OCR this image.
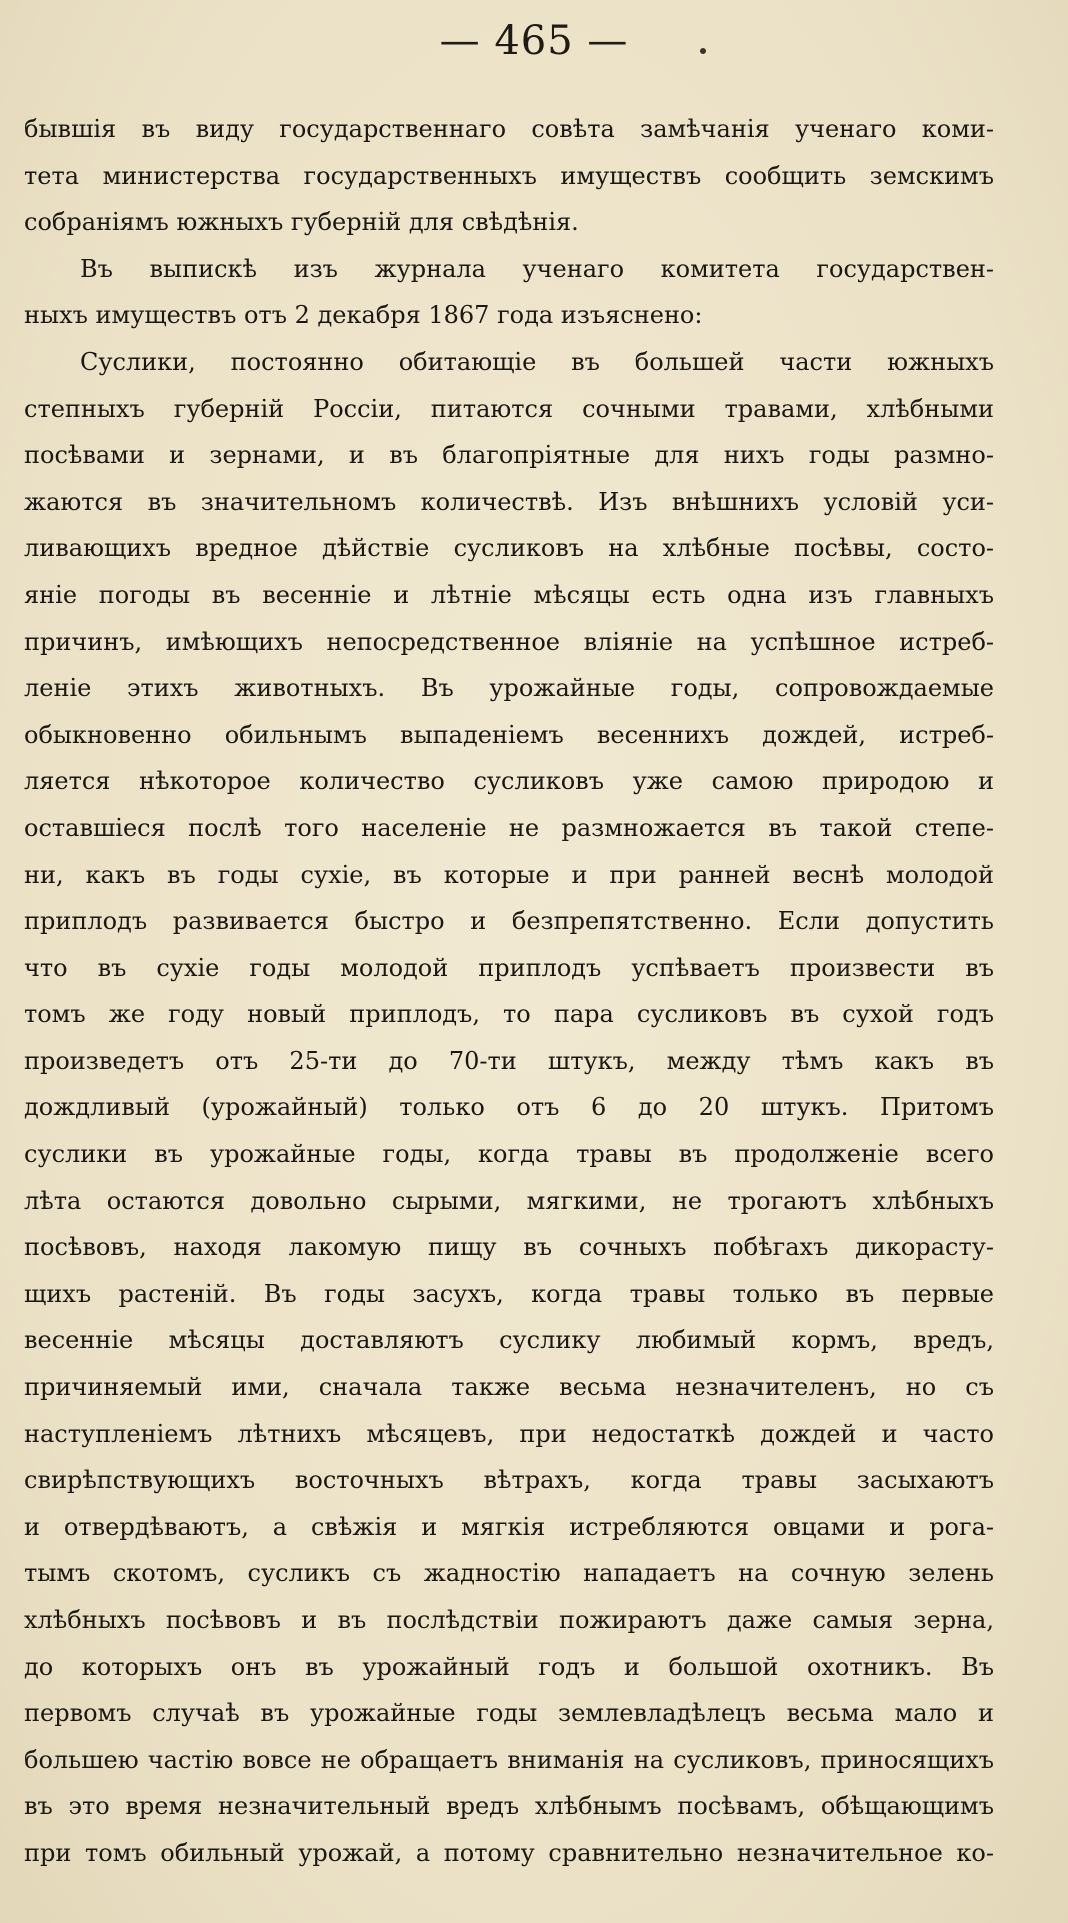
— 465 —
бывшія въ виду государственнаго совѣта замѣчанія ученаго коми-
тета министерства государственныхъ имуществъ сообщить земскимъ
собраніямъ южныхъ губерній для свѣдѣнія.
Въ выпискѣ изъ журнала ученаго комитета государствен-
ныхъ имуществъ отъ 2 декабря 1867 года изъяснено:
Суслики, постоянно обитающіе въ большей части южныхъ
степныхъ губерній Россіи, питаются сочными травами, хлѣбными
посѣвами и зернами, и въ благопріятные для нихъ годы размно-
жаются въ значительномъ количествѣ. Изъ внѣшнихъ условій уси-
ливающихъ вредное дѣйствіе сусликовъ на хлѣбные посѣвы, состо-
яніе погоды въ весенніе и лѣтніе мѣсяцы есть одна изъ главныхъ
причинъ, имѣющихъ непосредственное вліяніе на успѣшное истреб-
леніе этихъ животныхъ. Въ урожайные годы, сопровождаемые
обыкновенно обильнымъ выпаденіемъ весеннихъ дождей, истреб-
ляется нѣкоторое количество сусликовъ уже самою природою и
оставшіеся послѣ того населеніе не размножается въ такой степе-
ни, какъ въ годы сухіе, въ которые и при ранней веснѣ молодой
приплодъ развивается быстро и безпрепятственно. Если допустить
что въ сухіе годы молодой приплодъ успѣваетъ произвести въ
томъ же году новый приплодъ, то пара сусликовъ въ сухой годъ
произведетъ отъ 25-ти до 70-ти штукъ, между тѣмъ какъ въ
дождливый (урожайный) только отъ 6 до 20 штукъ. Притомъ
суслики въ урожайные годы, когда травы въ продолженіе всего
лѣта остаются довольно сырыми, мягкими, не трогаютъ хлѣбныхъ
посѣвовъ, находя лакомую пищу въ сочныхъ побѣгахъ дикорасту-
щихъ растеній. Въ годы засухъ, когда травы только въ первые
весенніе мѣсяцы доставляютъ суслику любимый кормъ, вредъ,
причиняемый ими, сначала также весьма незначителенъ, но съ
наступленіемъ лѣтнихъ мѣсяцевъ, при недостаткѣ дождей и часто
свирѣпствующихъ восточныхъ вѣтрахъ, когда травы засыхаютъ
и отвердѣваютъ, а свѣжія и мягкія истребляются овцами и рога-
тымъ скотомъ, сусликъ съ жадностію нападаетъ на сочную зелень
хлѣбныхъ посѣвовъ и въ послѣдствіи пожираютъ даже самыя зерна,
до которыхъ онъ въ урожайный годъ и большой охотникъ. Въ
первомъ случаѣ въ урожайные годы землевладѣлецъ весьма мало и
большею частію вовсе не обращаетъ вниманія на сусликовъ, приносящихъ
въ это время незначительный вредъ хлѣбнымъ посѣвамъ, обѣщающимъ
при томъ обильный урожай, а потому сравнительно незначительное ко-
